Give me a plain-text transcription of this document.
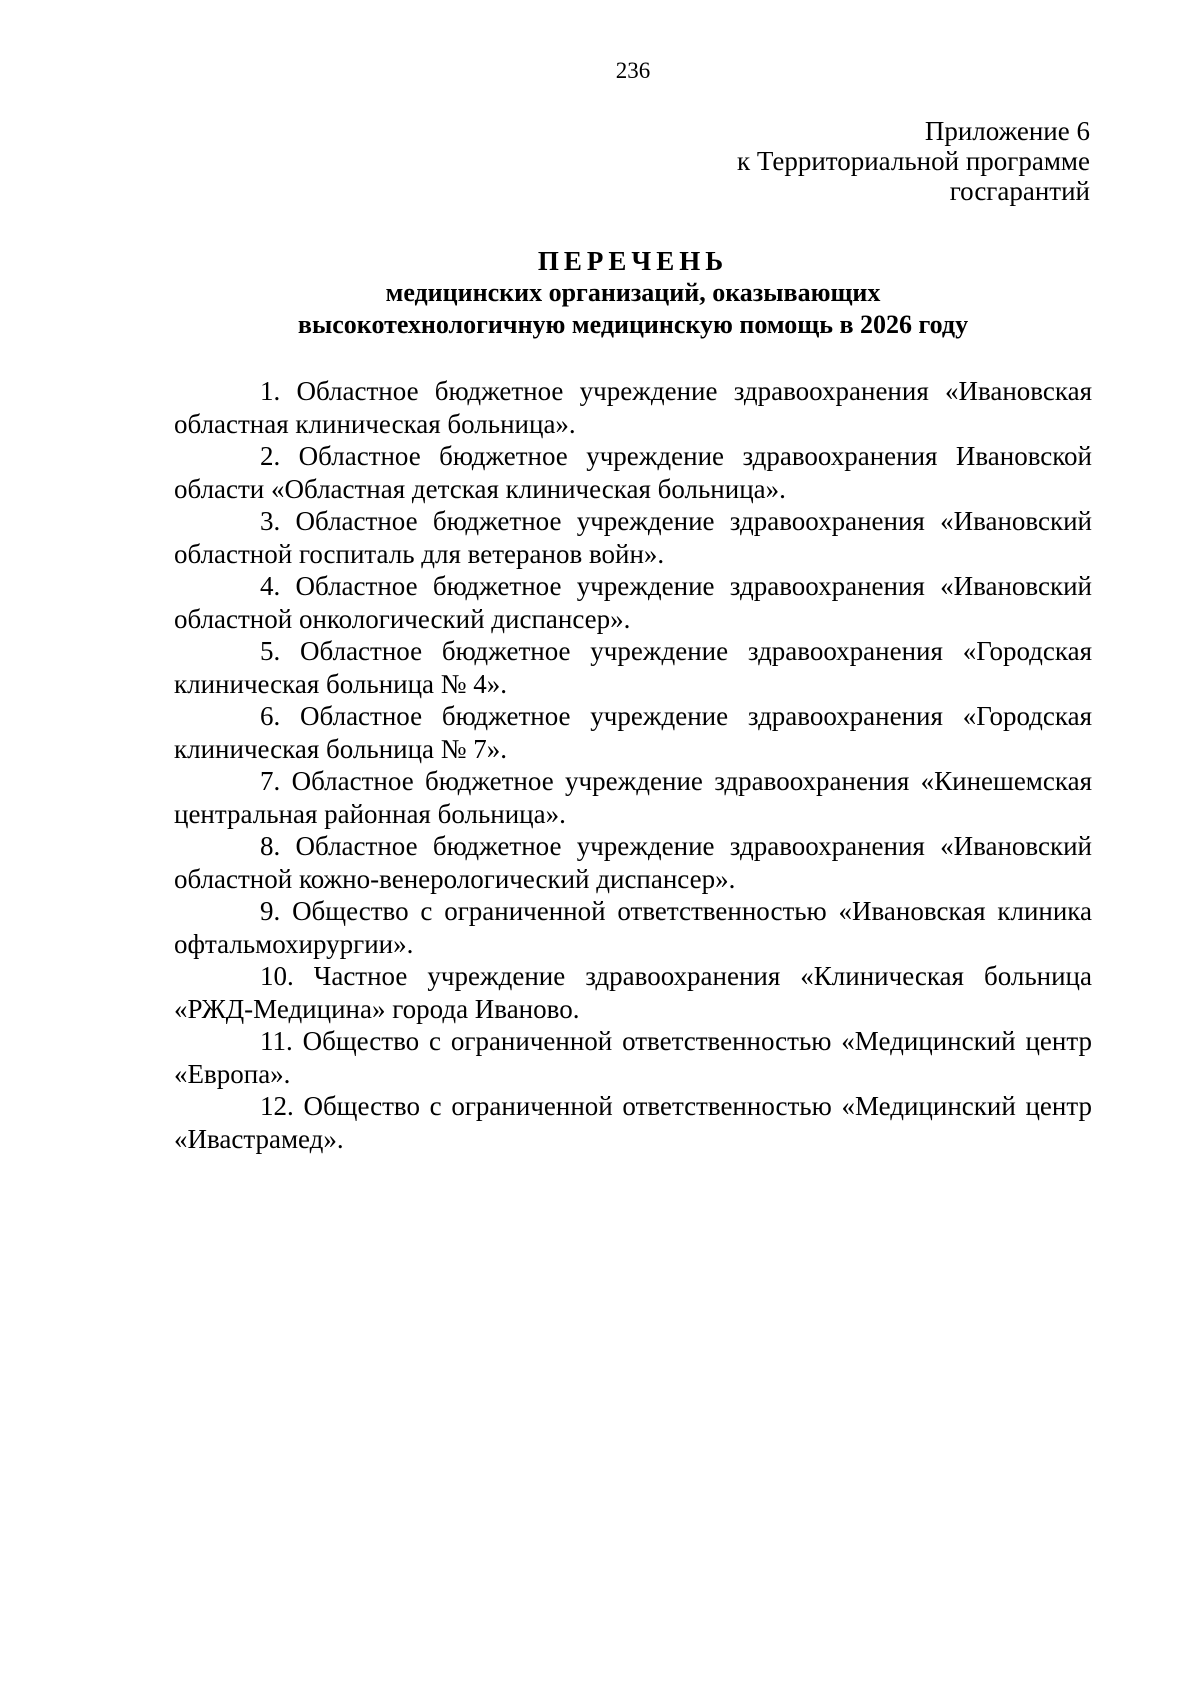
236
Приложение 6
к Территориальной программе
госгарантий
ПЕРЕЧЕНЬ
медицинских организаций, оказывающих
высокотехнологичную медицинскую помощь в 2026 году

1. Областное бюджетное учреждение здравоохранения «Ивановская областная клиническая больница».

2. Областное бюджетное учреждение здравоохранения Ивановской области «Областная детская клиническая больница».

3. Областное бюджетное учреждение здравоохранения «Ивановский областной госпиталь для ветеранов войн».

4. Областное бюджетное учреждение здравоохранения «Ивановский областной онкологический диспансер».

5. Областное бюджетное учреждение здравоохранения «Городская клиническая больница № 4».

6. Областное бюджетное учреждение здравоохранения «Городская клиническая больница № 7».

7. Областное бюджетное учреждение здравоохранения «Кинешемская центральная районная больница».

8. Областное бюджетное учреждение здравоохранения «Ивановский областной кожно-венерологический диспансер».

9. Общество с ограниченной ответственностью «Ивановская клиника офтальмохирургии».

10. Частное учреждение здравоохранения «Клиническая больница «РЖД-Медицина» города Иваново.

11. Общество с ограниченной ответственностью «Медицинский центр «Европа».

12. Общество с ограниченной ответственностью «Медицинский центр «Ивастрамед».
